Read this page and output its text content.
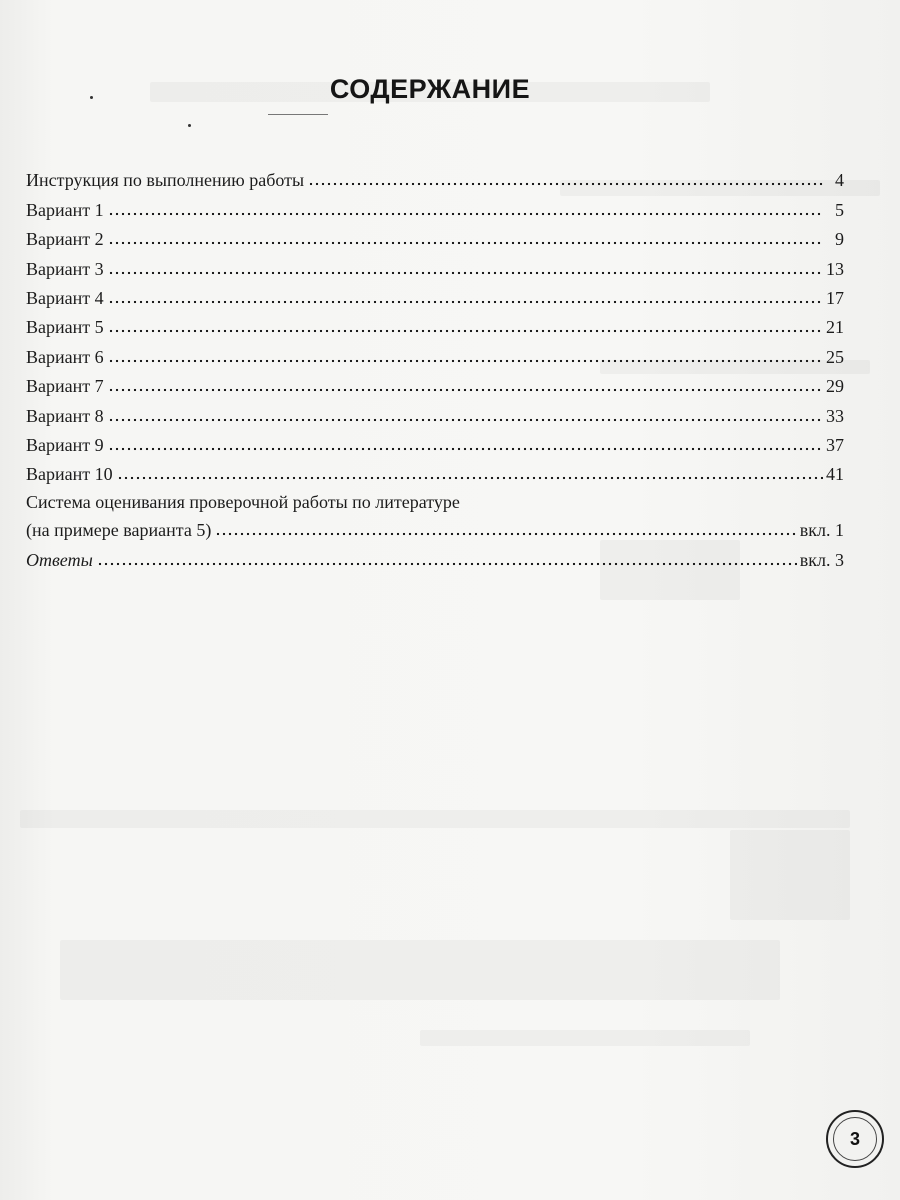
СОДЕРЖАНИЕ
Инструкция по выполнению работы	4
Вариант 1	5
Вариант 2	9
Вариант 3	13
Вариант 4	17
Вариант 5	21
Вариант 6	25
Вариант 7	29
Вариант 8	33
Вариант 9	37
Вариант 10	41
Система оценивания проверочной работы по литературе
(на примере варианта 5)	вкл. 1
Ответы	вкл. 3
3
